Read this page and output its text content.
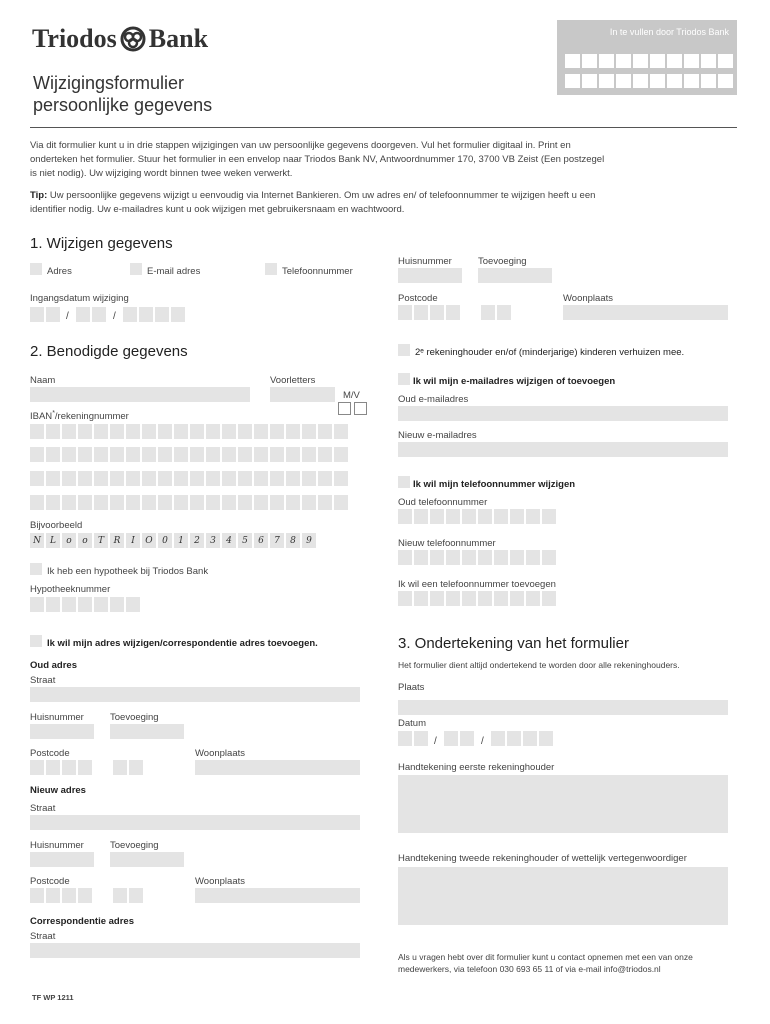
Triodos Bank
Wijzigingsformulier
persoonlijke gegevens
In te vullen door Triodos Bank
Via dit formulier kunt u in drie stappen wijzigingen van uw persoonlijke gegevens doorgeven. Vul het formulier digitaal in. Print en
onderteken het formulier. Stuur het formulier in een envelop naar Triodos Bank NV, Antwoordnummer 170, 3700 VB Zeist (Een postzegel
is niet nodig). Uw wijziging wordt binnen twee weken verwerkt.
Tip: Uw persoonlijke gegevens wijzigt u eenvoudig via Internet Bankieren. Om uw adres en/ of telefoonnummer te wijzigen heeft u een
identifier nodig. Uw e-mailadres kunt u ook wijzigen met gebruikersnaam en wachtwoord.
1. Wijzigen gegevens
Adres	E-mail adres	Telefoonnummer
Ingangsdatum wijziging
/	/
Huisnummer	Toevoeging
Postcode	Woonplaats
2. Benodigde gegevens
Naam	Voorletters
M/V
IBAN*/rekeningnummer
Bijvoorbeeld
N	L	o	o	T	R	I	O	0	1	2	3	4	5	6	7	8	9
Ik heb een hypotheek bij Triodos Bank
Hypotheeknummer
Ik wil mijn adres wijzigen/correspondentie adres toevoegen.
Oud adres
Straat
Huisnummer	Toevoeging
Postcode	Woonplaats
Nieuw adres
Straat
Huisnummer	Toevoeging
Postcode	Woonplaats
Correspondentie adres
Straat
2ᵉ rekeninghouder en/of (minderjarige) kinderen verhuizen mee.
Ik wil mijn e-mailadres wijzigen of toevoegen
Oud e-mailadres
Nieuw e-mailadres
Ik wil mijn telefoonnummer wijzigen
Oud telefoonnummer
Nieuw telefoonnummer
Ik wil een telefoonnummer toevoegen
3. Ondertekening van het formulier
Het formulier dient altijd ondertekend te worden door alle rekeninghouders.
Plaats
Datum
/	/
Handtekening eerste rekeninghouder
Handtekening tweede rekeninghouder of wettelijk vertegenwoordiger
Als u vragen hebt over dit formulier kunt u contact opnemen met een van onze
medewerkers, via telefoon 030 693 65 11 of via e-mail info@triodos.nl
TF WP 1211
